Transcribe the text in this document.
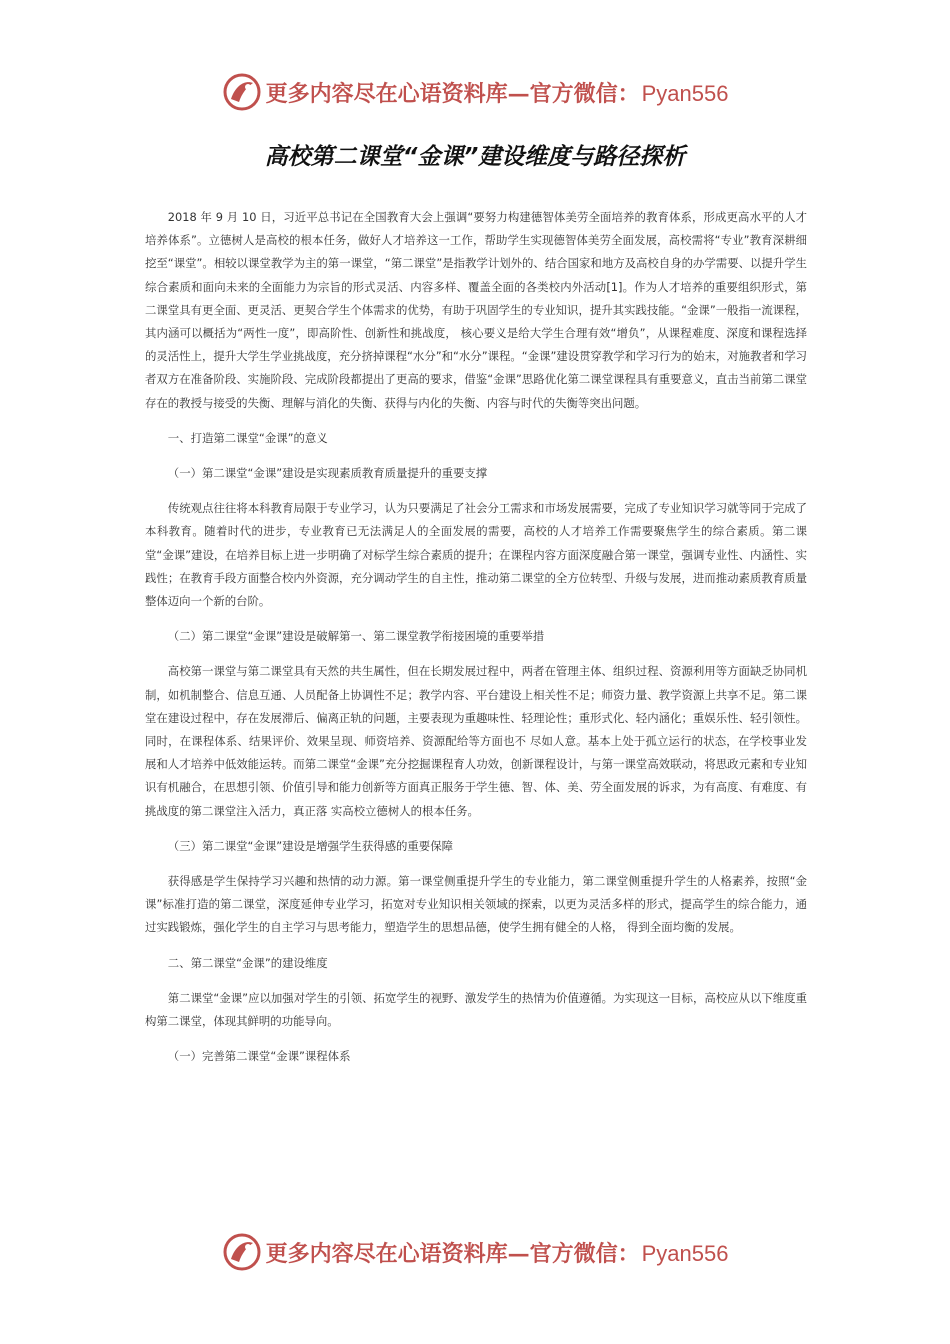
更多内容尽在心语资料库—官方微信：Pyan556
高校第二课堂“金课”建设维度与路径探析

2018 年 9 月 10 日，习近平总书记在全国教育大会上强调“要努力构建德智体美劳全面培养的教育体系，形成更高水平的人才培养体系”。立德树人是高校的根本任务，做好人才培养这一工作，帮助学生实现德智体美劳全面发展，高校需将“专业”教育深耕细挖至“课堂”。相较以课堂教学为主的第一课堂，“第二课堂”是指教学计划外的、结合国家和地方及高校自身的办学需要、以提升学生综合素质和面向未来的全面能力为宗旨的形式灵活、内容多样、覆盖全面的各类校内外活动[1]。作为人才培养的重要组织形式，第二课堂具有更全面、更灵活、更契合学生个体需求的优势，有助于巩固学生的专业知识，提升其实践技能。“金课”一般指一流课程，其内涵可以概括为“两性一度”，即高阶性、创新性和挑战度， 核心要义是给大学生合理有效“增负”，从课程难度、深度和课程选择的灵活性上，提升大学生学业挑战度，充分挤掉课程“水分”和“水分”课程。“金课”建设贯穿教学和学习行为的始末，对施教者和学习者双方在准备阶段、实施阶段、完成阶段都提出了更高的要求，借鉴“金课”思路优化第二课堂课程具有重要意义，直击当前第二课堂存在的教授与接受的失衡、理解与消化的失衡、获得与内化的失衡、内容与时代的失衡等突出问题。

一、打造第二课堂“金课”的意义

（一）第二课堂“金课”建设是实现素质教育质量提升的重要支撑

传统观点往往将本科教育局限于专业学习，认为只要满足了社会分工需求和市场发展需要，完成了专业知识学习就等同于完成了本科教育。随着时代的进步，专业教育已无法满足人的全面发展的需要，高校的人才培养工作需要聚焦学生的综合素质。第二课堂“金课”建设，在培养目标上进一步明确了对标学生综合素质的提升；在课程内容方面深度融合第一课堂，强调专业性、内涵性、实践性；在教育手段方面整合校内外资源，充分调动学生的自主性，推动第二课堂的全方位转型、升级与发展，进而推动素质教育质量整体迈向一个新的台阶。

（二）第二课堂“金课”建设是破解第一、第二课堂教学衔接困境的重要举措

高校第一课堂与第二课堂具有天然的共生属性，但在长期发展过程中，两者在管理主体、组织过程、资源利用等方面缺乏协同机制，如机制整合、信息互通、人员配备上协调性不足；教学内容、平台建设上相关性不足；师资力量、教学资源上共享不足。第二课堂在建设过程中，存在发展滞后、偏离正轨的问题，主要表现为重趣味性、轻理论性；重形式化、轻内涵化；重娱乐性、轻引领性。同时，在课程体系、结果评价、效果呈现、师资培养、资源配给等方面也不 尽如人意。基本上处于孤立运行的状态，在学校事业发展和人才培养中低效能运转。而第二课堂“金课”充分挖掘课程育人功效，创新课程设计，与第一课堂高效联动，将思政元素和专业知识有机融合，在思想引领、价值引导和能力创新等方面真正服务于学生德、智、体、美、劳全面发展的诉求，为有高度、有难度、有挑战度的第二课堂注入活力，真正落 实高校立德树人的根本任务。

（三）第二课堂“金课”建设是增强学生获得感的重要保障

获得感是学生保持学习兴趣和热情的动力源。第一课堂侧重提升学生的专业能力，第二课堂侧重提升学生的人格素养，按照“金课”标准打造的第二课堂，深度延伸专业学习，拓宽对专业知识相关领域的探索，以更为灵活多样的形式，提高学生的综合能力，通过实践锻炼，强化学生的自主学习与思考能力，塑造学生的思想品德，使学生拥有健全的人格， 得到全面均衡的发展。

二、第二课堂“金课”的建设维度

第二课堂“金课”应以加强对学生的引领、拓宽学生的视野、激发学生的热情为价值遵循。为实现这一目标，高校应从以下维度重构第二课堂，体现其鲜明的功能导向。

（一）完善第二课堂“金课”课程体系

更多内容尽在心语资料库—官方微信：Pyan556
